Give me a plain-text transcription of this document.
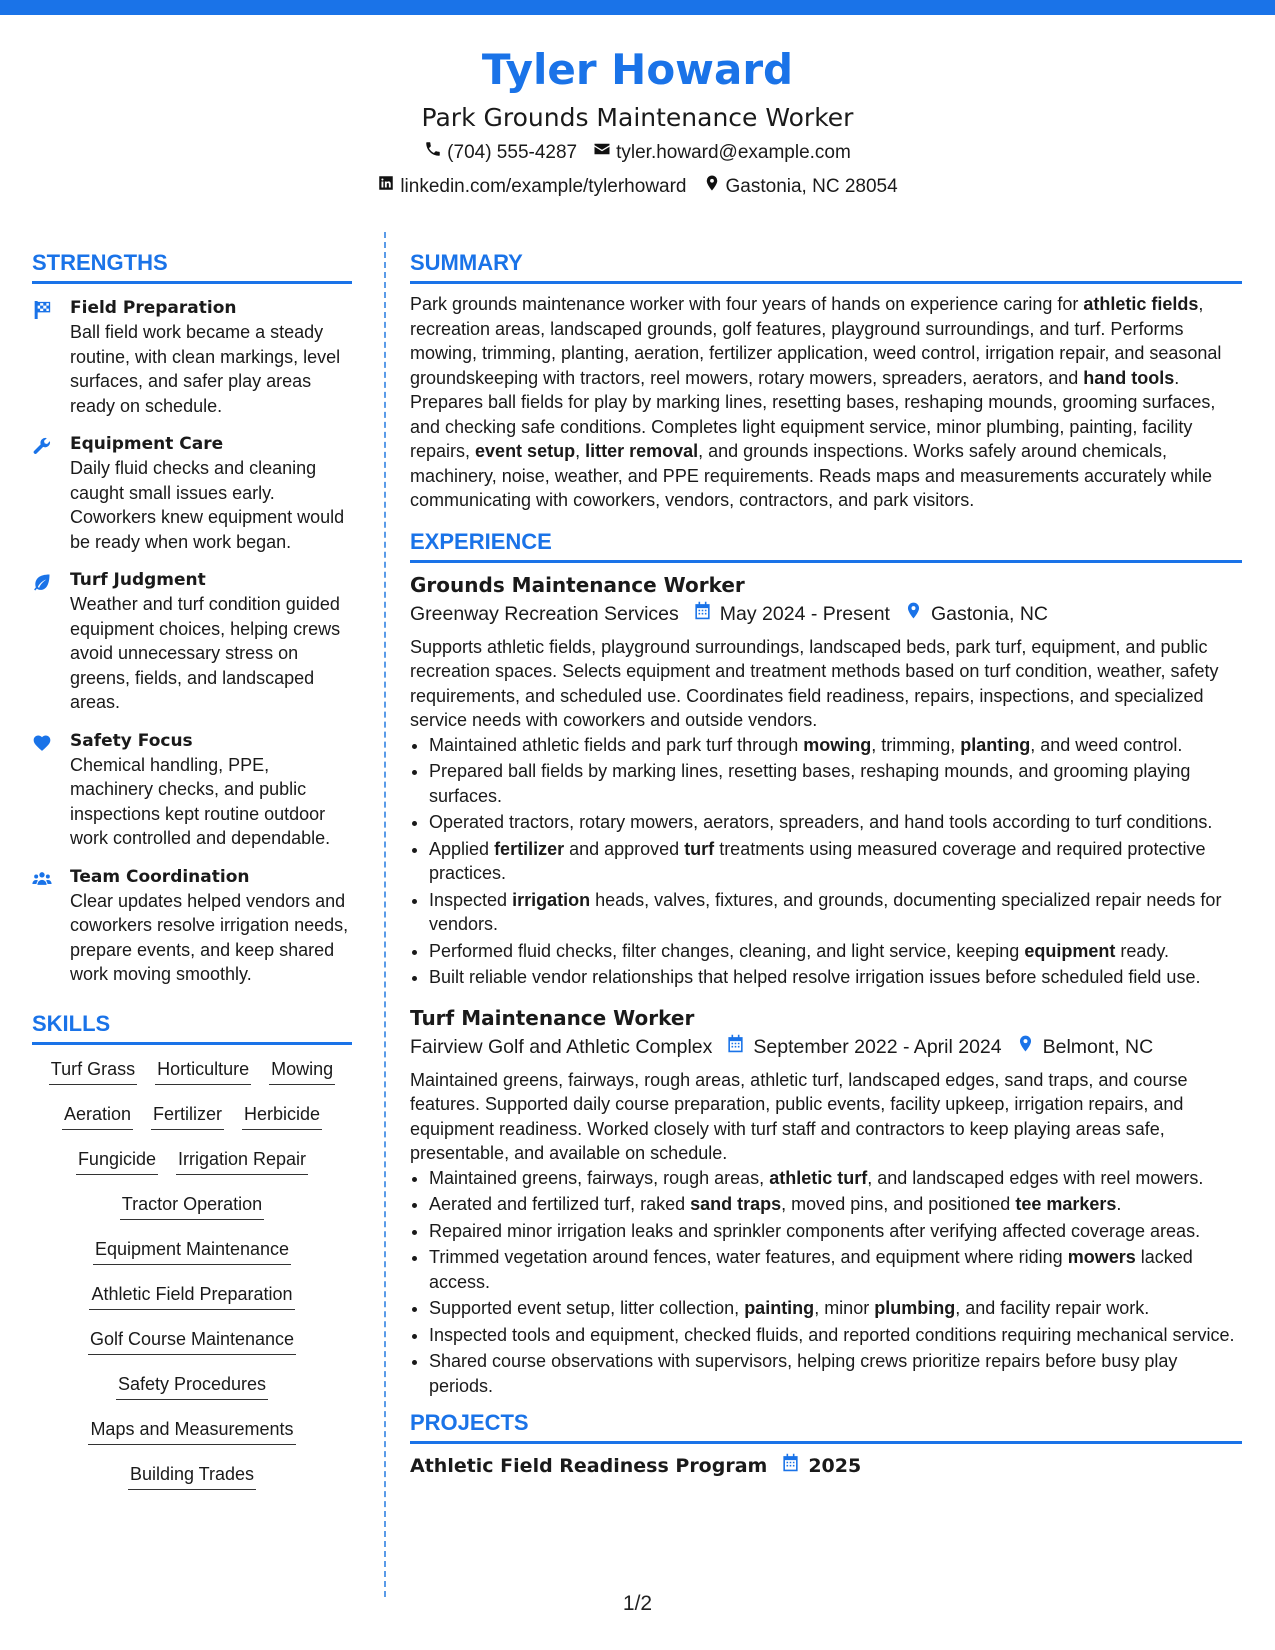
Tyler Howard
Park Grounds Maintenance Worker
(704) 555-4287 tyler.howard@example.com
linkedin.com/example/tylerhoward Gastonia, NC 28054
STRENGTHS
Field Preparation
Ball field work became a steady routine, with clean markings, level surfaces, and safer play areas ready on schedule.
Equipment Care
Daily fluid checks and cleaning caught small issues early. Coworkers knew equipment would be ready when work began.
Turf Judgment
Weather and turf condition guided equipment choices, helping crews avoid unnecessary stress on greens, fields, and landscaped areas.
Safety Focus
Chemical handling, PPE, machinery checks, and public inspections kept routine outdoor work controlled and dependable.
Team Coordination
Clear updates helped vendors and coworkers resolve irrigation needs, prepare events, and keep shared work moving smoothly.
SKILLS
Turf Grass Horticulture Mowing
Aeration Fertilizer Herbicide
Fungicide Irrigation Repair
Tractor Operation
Equipment Maintenance
Athletic Field Preparation
Golf Course Maintenance
Safety Procedures
Maps and Measurements
Building Trades
SUMMARY
Park grounds maintenance worker with four years of hands on experience caring for athletic fields, recreation areas, landscaped grounds, golf features, playground surroundings, and turf. Performs mowing, trimming, planting, aeration, fertilizer application, weed control, irrigation repair, and seasonal groundskeeping with tractors, reel mowers, rotary mowers, spreaders, aerators, and hand tools. Prepares ball fields for play by marking lines, resetting bases, reshaping mounds, grooming surfaces, and checking safe conditions. Completes light equipment service, minor plumbing, painting, facility repairs, event setup, litter removal, and grounds inspections. Works safely around chemicals, machinery, noise, weather, and PPE requirements. Reads maps and measurements accurately while communicating with coworkers, vendors, contractors, and park visitors.
EXPERIENCE
Grounds Maintenance Worker
Greenway Recreation Services May 2024 - Present Gastonia, NC
Supports athletic fields, playground surroundings, landscaped beds, park turf, equipment, and public recreation spaces. Selects equipment and treatment methods based on turf condition, weather, safety requirements, and scheduled use. Coordinates field readiness, repairs, inspections, and specialized service needs with coworkers and outside vendors.
• Maintained athletic fields and park turf through mowing, trimming, planting, and weed control.
• Prepared ball fields by marking lines, resetting bases, reshaping mounds, and grooming playing surfaces.
• Operated tractors, rotary mowers, aerators, spreaders, and hand tools according to turf conditions.
• Applied fertilizer and approved turf treatments using measured coverage and required protective practices.
• Inspected irrigation heads, valves, fixtures, and grounds, documenting specialized repair needs for vendors.
• Performed fluid checks, filter changes, cleaning, and light service, keeping equipment ready.
• Built reliable vendor relationships that helped resolve irrigation issues before scheduled field use.
Turf Maintenance Worker
Fairview Golf and Athletic Complex September 2022 - April 2024 Belmont, NC
Maintained greens, fairways, rough areas, athletic turf, landscaped edges, sand traps, and course features. Supported daily course preparation, public events, facility upkeep, irrigation repairs, and equipment readiness. Worked closely with turf staff and contractors to keep playing areas safe, presentable, and available on schedule.
• Maintained greens, fairways, rough areas, athletic turf, and landscaped edges with reel mowers.
• Aerated and fertilized turf, raked sand traps, moved pins, and positioned tee markers.
• Repaired minor irrigation leaks and sprinkler components after verifying affected coverage areas.
• Trimmed vegetation around fences, water features, and equipment where riding mowers lacked access.
• Supported event setup, litter collection, painting, minor plumbing, and facility repair work.
• Inspected tools and equipment, checked fluids, and reported conditions requiring mechanical service.
• Shared course observations with supervisors, helping crews prioritize repairs before busy play periods.
PROJECTS
Athletic Field Readiness Program 2025
1/2
